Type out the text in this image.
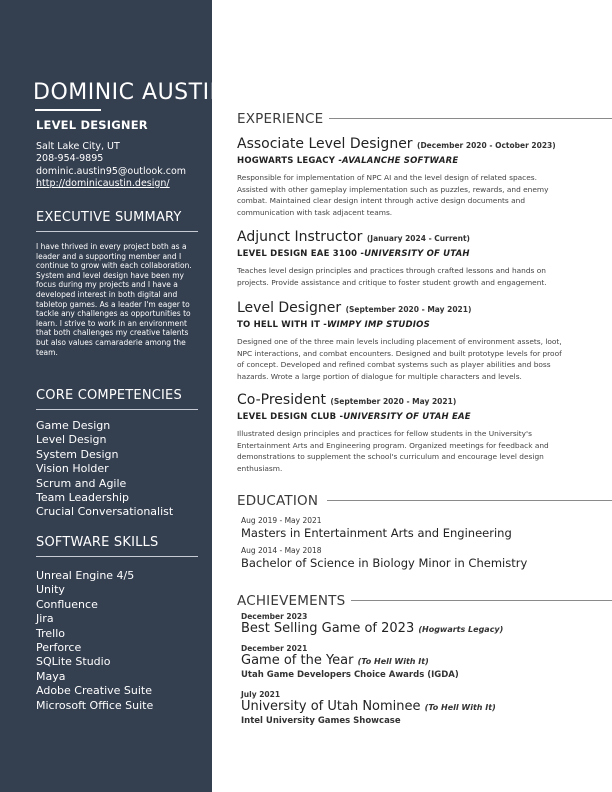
DOMINIC AUSTIN
LEVEL DESIGNER
Salt Lake City, UT
208-954-9895
dominic.austin95@outlook.com
http://dominicaustin.design/
EXECUTIVE SUMMARY
I have thrived in every project both as a leader and a supporting member and I continue to grow with each collaboration. System and level design have been my focus during my projects and I have a developed interest in both digital and tabletop games. As a leader I'm eager to tackle any challenges as opportunities to learn. I strive to work in an environment that both challenges my creative talents but also values camaraderie among the team.
CORE COMPETENCIES
Game Design
Level Design
System Design
Vision Holder
Scrum and Agile
Team Leadership
Crucial Conversationalist
SOFTWARE SKILLS
Unreal Engine 4/5
Unity
Confluence
Jira
Trello
Perforce
SQLite Studio
Maya
Adobe Creative Suite
Microsoft Office Suite
EXPERIENCE
Associate Level Designer (December 2020 - October 2023)
HOGWARTS LEGACY -AVALANCHE SOFTWARE
Responsible for implementation of NPC AI and the level design of related spaces. Assisted with other gameplay implementation such as puzzles, rewards, and enemy combat. Maintained clear design intent through active design documents and communication with task adjacent teams.
Adjunct Instructor (January 2024 - Current)
LEVEL DESIGN EAE 3100 -UNIVERSITY OF UTAH
Teaches level design principles and practices through crafted lessons and hands on projects. Provide assistance and critique to foster student growth and engagement.
Level Designer (September 2020 - May 2021)
TO HELL WITH IT -WIMPY IMP STUDIOS
Designed one of the three main levels including placement of environment assets, loot, NPC interactions, and combat encounters. Designed and built prototype levels for proof of concept. Developed and refined combat systems such as player abilities and boss hazards. Wrote a large portion of dialogue for multiple characters and levels.
Co-President (September 2020 - May 2021)
LEVEL DESIGN CLUB -UNIVERSITY OF UTAH EAE
Illustrated design principles and practices for fellow students in the University's Entertainment Arts and Engineering program. Organized meetings for feedback and demonstrations to supplement the school's curriculum and encourage level design enthusiasm.
EDUCATION
Aug 2019 - May 2021
Masters in Entertainment Arts and Engineering
Aug 2014 - May 2018
Bachelor of Science in Biology Minor in Chemistry
ACHIEVEMENTS
December 2023
Best Selling Game of 2023 (Hogwarts Legacy)
December 2021
Game of the Year (To Hell With It)
Utah Game Developers Choice Awards (IGDA)
July 2021
University of Utah Nominee (To Hell With It)
Intel University Games Showcase
